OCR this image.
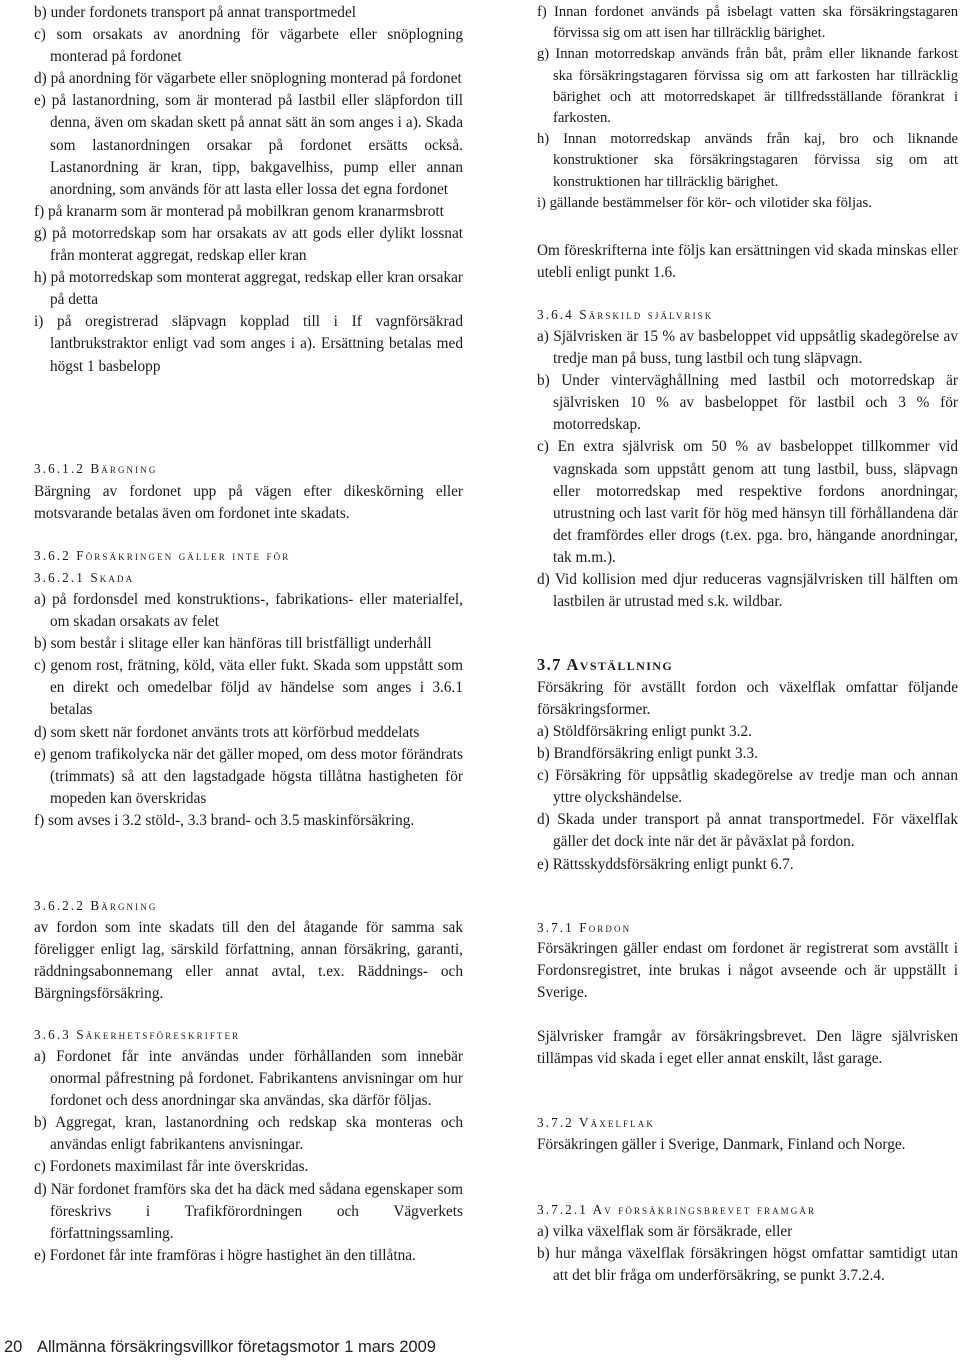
b) under fordonets transport på annat transportmedel
c) som orsakats av anordning för vägarbete eller snöplogning monterad på fordonet
d) på anordning för vägarbete eller snöplogning monterad på fordonet
e) på lastanordning, som är monterad på lastbil eller släpfordon till denna, även om skadan skett på annat sätt än som anges i a). Skada som lastanordningen orsakar på fordonet ersätts också. Lastanordning är kran, tipp, bakgavelhiss, pump eller annan anordning, som används för att lasta eller lossa det egna fordonet
f) på kranarm som är monterad på mobilkran genom kranarmsbrott
g) på motorredskap som har orsakats av att gods eller dylikt lossnat från monterat aggregat, redskap eller kran
h) på motorredskap som monterat aggregat, redskap eller kran orsakar på detta
i) på oregistrerad släpvagn kopplad till i If vagnförsäkrad lantbrukstraktor enligt vad som anges i a). Ersättning betalas med högst 1 basbelopp
3.6.1.2 Bärgning
Bärgning av fordonet upp på vägen efter dikeskörning eller motsvarande betalas även om fordonet inte skadats.
3.6.2 Försäkringen gäller inte för
3.6.2.1 Skada
a) på fordonsdel med konstruktions-, fabrikations- eller materialfel, om skadan orsakats av felet
b) som består i slitage eller kan hänföras till bristfälligt underhåll
c) genom rost, frätning, köld, väta eller fukt. Skada som uppstått som en direkt och omedelbar följd av händelse som anges i 3.6.1 betalas
d) som skett när fordonet använts trots att körförbud meddelats
e) genom trafikolycka när det gäller moped, om dess motor förändrats (trimmats) så att den lagstadgade högsta tillåtna hastigheten för mopeden kan överskridas
f) som avses i 3.2 stöld-, 3.3 brand- och 3.5 maskinförsäkring.
3.6.2.2 Bärgning
av fordon som inte skadats till den del åtagande för samma sak föreligger enligt lag, särskild författning, annan försäkring, garanti, räddningsabonnemang eller annat avtal, t.ex. Räddnings- och Bärgningsförsäkring.
3.6.3 Säkerhetsföreskrifter
a) Fordonet får inte användas under förhållanden som innebär onormal påfrestning på fordonet. Fabrikantens anvisningar om hur fordonet och dess anordningar ska användas, ska därför följas.
b) Aggregat, kran, lastanordning och redskap ska monteras och användas enligt fabrikantens anvisningar.
c) Fordonets maximilast får inte överskridas.
d) När fordonet framförs ska det ha däck med sådana egenskaper som föreskrivs i Trafikförordningen och Vägverkets författningssamling.
e) Fordonet får inte framföras i högre hastighet än den tillåtna.
f) Innan fordonet används på isbelagt vatten ska försäkringstagaren förvissa sig om att isen har tillräcklig bärighet.
g) Innan motorredskap används från båt, pråm eller liknande farkost ska försäkringstagaren förvissa sig om att farkosten har tillräcklig bärighet och att motorredskapet är tillfredsställande förankrat i farkosten.
h) Innan motorredskap används från kaj, bro och liknande konstruktioner ska försäkringstagaren förvissa sig om att konstruktionen har tillräcklig bärighet.
i) gällande bestämmelser för kör- och vilotider ska följas.
Om föreskrifterna inte följs kan ersättningen vid skada minskas eller utebli enligt punkt 1.6.
3.6.4 Särskild självrisk
a) Självrisken är 15 % av basbeloppet vid uppsåtlig skadegörelse av tredje man på buss, tung lastbil och tung släpvagn.
b) Under vinterväghållning med lastbil och motorredskap är självrisken 10 % av basbeloppet för lastbil och 3 % för motorredskap.
c) En extra självrisk om 50 % av basbeloppet tillkommer vid vagnskada som uppstått genom att tung lastbil, buss, släpvagn eller motorredskap med respektive fordons anordningar, utrustning och last varit för hög med hänsyn till förhållandena där det framfördes eller drogs (t.ex. pga. bro, hängande anordningar, tak m.m.).
d) Vid kollision med djur reduceras vagnsjälvrisken till hälften om lastbilen är utrustad med s.k. wildbar.
3.7 Avställning
Försäkring för avställt fordon och växelflak omfattar följande försäkringsformer.
a) Stöldförsäkring enligt punkt 3.2.
b) Brandförsäkring enligt punkt 3.3.
c) Försäkring för uppsåtlig skadegörelse av tredje man och annan yttre olyckshändelse.
d) Skada under transport på annat transportmedel. För växelflak gäller det dock inte när det är påväxlat på fordon.
e) Rättsskyddsförsäkring enligt punkt 6.7.
3.7.1 Fordon
Försäkringen gäller endast om fordonet är registrerat som avställt i Fordonsregistret, inte brukas i något avseende och är uppställt i Sverige.
Självrisker framgår av försäkringsbrevet. Den lägre självrisken tillämpas vid skada i eget eller annat enskilt, låst garage.
3.7.2 Växelflak
Försäkringen gäller i Sverige, Danmark, Finland och Norge.
3.7.2.1 Av försäkringsbrevet framgår
a) vilka växelflak som är försäkrade, eller
b) hur många växelflak försäkringen högst omfattar samtidigt utan att det blir fråga om underförsäkring, se punkt 3.7.2.4.
20 Allmänna försäkringsvillkor företagsmotor 1 mars 2009
